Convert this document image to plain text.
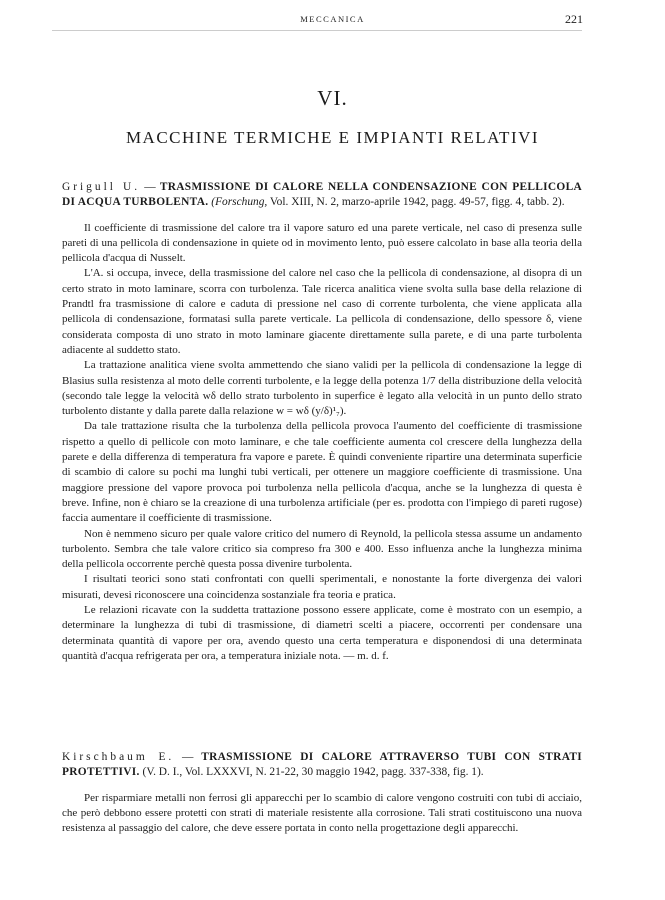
MECCANICA	221
VI.
MACCHINE TERMICHE E IMPIANTI RELATIVI

Grigull U. — TRASMISSIONE DI CALORE NELLA CONDENSAZIONE CON PELLICOLA DI ACQUA TURBOLENTA. (Forschung, Vol. XIII, N. 2, marzo-aprile 1942, pagg. 49-57, figg. 4, tabb. 2).

Il coefficiente di trasmissione del calore tra il vapore saturo ed una parete verticale, nel caso di presenza sulle pareti di una pellicola di condensazione in quiete od in movimento lento, può essere calcolato in base alla teoria della pellicola d'acqua di Nusselt.

L'A. si occupa, invece, della trasmissione del calore nel caso che la pellicola di condensazione, al disopra di un certo strato in moto laminare, scorra con turbolenza. Tale ricerca analitica viene svolta sulla base della relazione di Prandtl fra trasmissione di calore e caduta di pressione nel caso di corrente turbolenta, che viene applicata alla pellicola di condensazione, formatasi sulla parete verticale. La pellicola di condensazione, dello spessore δ, viene considerata composta di uno strato in moto laminare giacente direttamente sulla parete, e di una parte turbolenta adiacente al suddetto stato.

La trattazione analitica viene svolta ammettendo che siano validi per la pellicola di condensazione la legge di Blasius sulla resistenza al moto delle correnti turbolente, e la legge della potenza 1/7 della distribuzione della velocità (secondo tale legge la velocità wδ dello strato turbolento in superfice è legato alla velocità in un punto dello strato turbolento distante y dalla parete dalla relazione w = wδ (y/δ)¹₇).

Da tale trattazione risulta che la turbolenza della pellicola provoca l'aumento del coefficiente di trasmissione rispetto a quello di pellicole con moto laminare, e che tale coefficiente aumenta col crescere della lunghezza della parete e della differenza di temperatura fra vapore e parete. È quindi conveniente ripartire una determinata superficie di scambio di calore su pochi ma lunghi tubi verticali, per ottenere un maggiore coefficiente di trasmissione. Una maggiore pressione del vapore provoca poi turbolenza nella pellicola d'acqua, anche se la lunghezza di questa è breve. Infine, non è chiaro se la creazione di una turbolenza artificiale (per es. prodotta con l'impiego di pareti rugose) faccia aumentare il coefficiente di trasmissione.

Non è nemmeno sicuro per quale valore critico del numero di Reynold, la pellicola stessa assume un andamento turbolento. Sembra che tale valore critico sia compreso fra 300 e 400. Esso influenza anche la lunghezza minima della pellicola occorrente perchè questa possa divenire turbolenta.

I risultati teorici sono stati confrontati con quelli sperimentali, e nonostante la forte divergenza dei valori misurati, devesi riconoscere una coincidenza sostanziale fra teoria e pratica.

Le relazioni ricavate con la suddetta trattazione possono essere applicate, come è mostrato con un esempio, a determinare la lunghezza di tubi di trasmissione, di diametri scelti a piacere, occorrenti per condensare una determinata quantità di vapore per ora, avendo questo una certa temperatura e disponendosi di una determinata quantità d'acqua refrigerata per ora, a temperatura iniziale nota. — m. d. f.

Kirschbaum E. — TRASMISSIONE DI CALORE ATTRAVERSO TUBI CON STRATI PROTETTIVI. (V. D. I., Vol. LXXXVI, N. 21-22, 30 maggio 1942, pagg. 337-338, fig. 1).

Per risparmiare metalli non ferrosi gli apparecchi per lo scambio di calore vengono costruiti con tubi di acciaio, che però debbono essere protetti con strati di materiale resistente alla corrosione. Tali strati costituiscono una nuova resistenza al passaggio del calore, che deve essere portata in conto nella progettazione degli apparecchi.
